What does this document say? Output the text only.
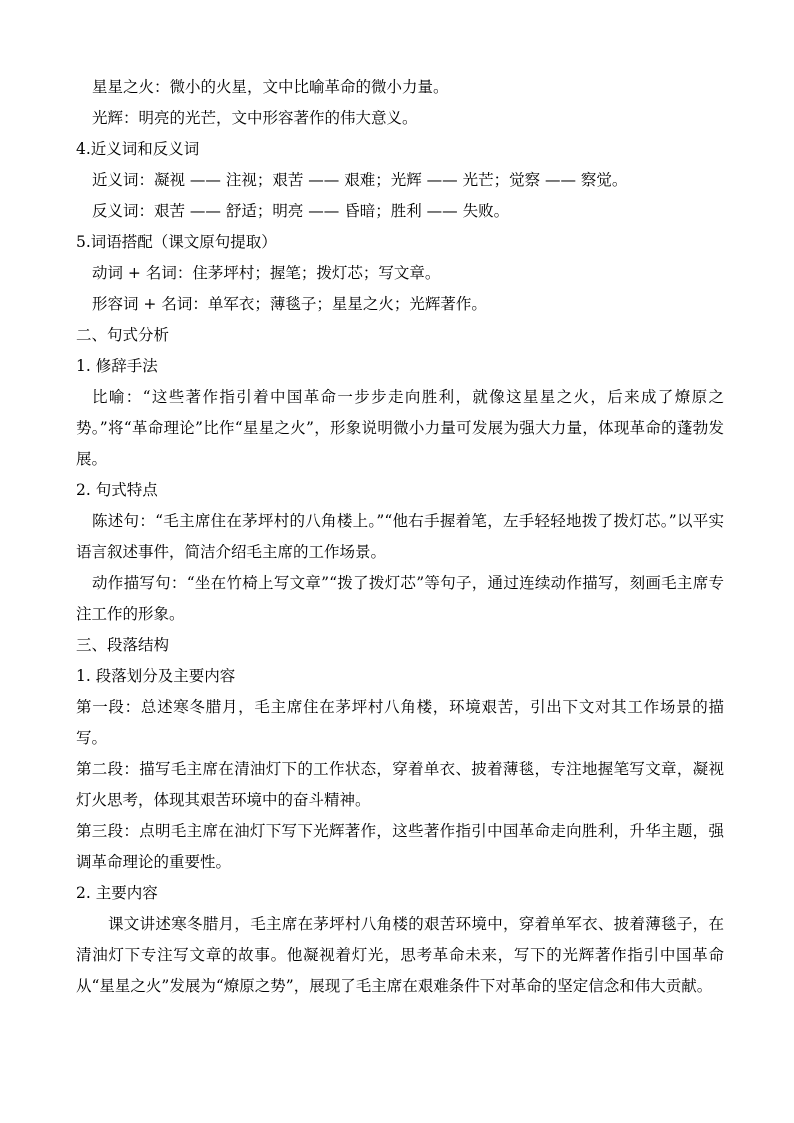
星星之火：微小的火星，文中比喻革命的微小力量。
光辉：明亮的光芒，文中形容著作的伟大意义。
4.近义词和反义词
近义词：凝视 —— 注视；艰苦 —— 艰难；光辉 —— 光芒；觉察 —— 察觉。
反义词：艰苦 —— 舒适；明亮 —— 昏暗；胜利 —— 失败。
5.词语搭配（课文原句提取）
动词 + 名词：住茅坪村；握笔；拨灯芯；写文章。
形容词 + 名词：单军衣；薄毯子；星星之火；光辉著作。
二、句式分析
1. 修辞手法
比喻：“这些著作指引着中国革命一步步走向胜利，就像这星星之火，后来成了燎原之势。”将“革命理论”比作“星星之火”，形象说明微小力量可发展为强大力量，体现革命的蓬勃发展。
2. 句式特点
陈述句：“毛主席住在茅坪村的八角楼上。”“他右手握着笔，左手轻轻地拨了拨灯芯。”以平实语言叙述事件，简洁介绍毛主席的工作场景。
动作描写句：“坐在竹椅上写文章”“拨了拨灯芯”等句子，通过连续动作描写，刻画毛主席专注工作的形象。
三、段落结构
1. 段落划分及主要内容
第一段：总述寒冬腊月，毛主席住在茅坪村八角楼，环境艰苦，引出下文对其工作场景的描写。
第二段：描写毛主席在清油灯下的工作状态，穿着单衣、披着薄毯，专注地握笔写文章，凝视灯火思考，体现其艰苦环境中的奋斗精神。
第三段：点明毛主席在油灯下写下光辉著作，这些著作指引中国革命走向胜利，升华主题，强调革命理论的重要性。
2. 主要内容
课文讲述寒冬腊月，毛主席在茅坪村八角楼的艰苦环境中，穿着单军衣、披着薄毯子，在清油灯下专注写文章的故事。他凝视着灯光，思考革命未来，写下的光辉著作指引中国革命从“星星之火”发展为“燎原之势”，展现了毛主席在艰难条件下对革命的坚定信念和伟大贡献。
